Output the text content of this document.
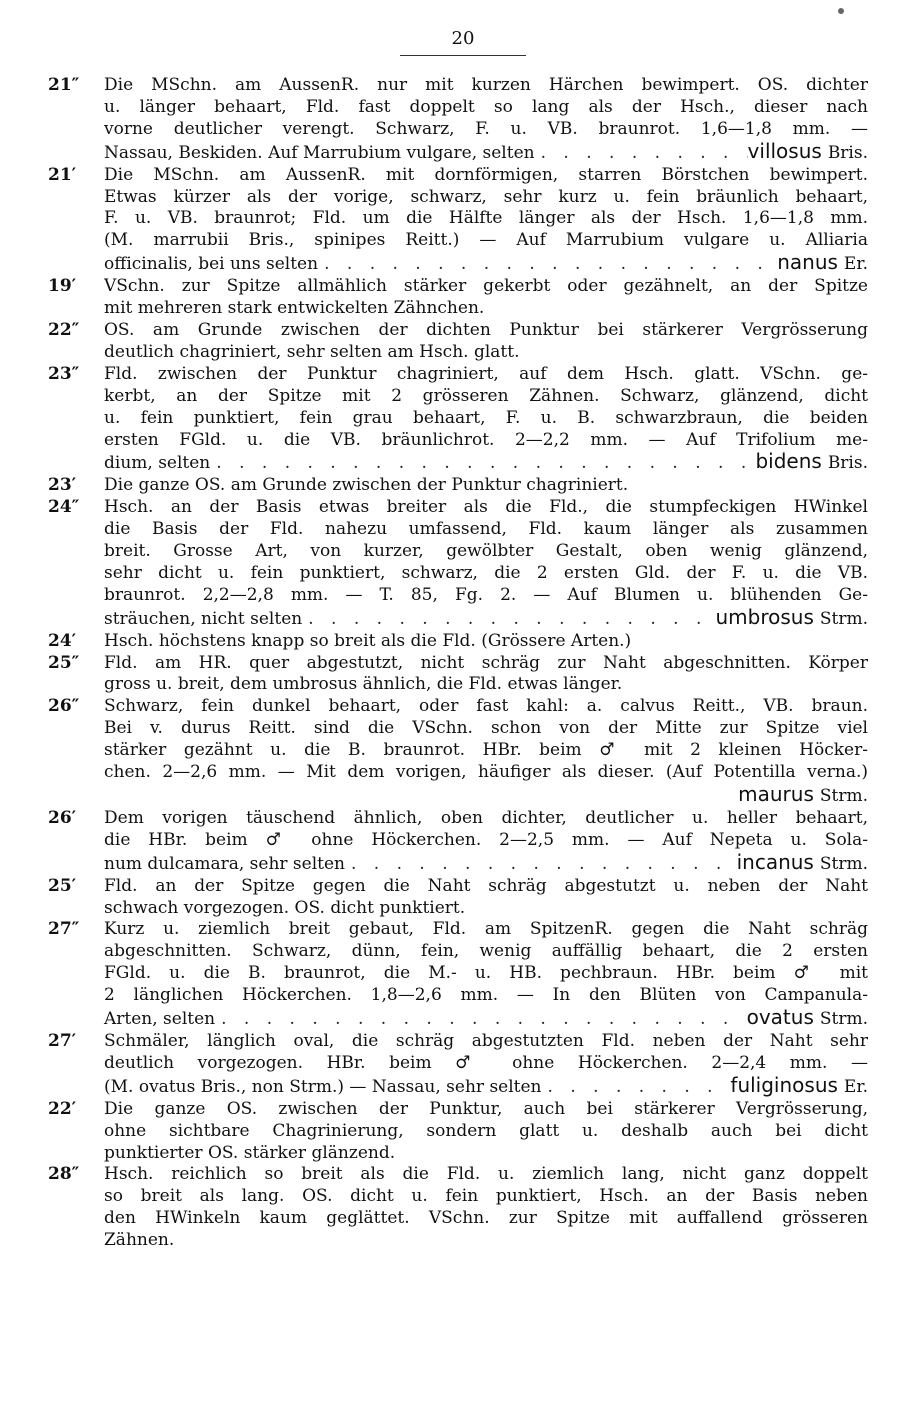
20
21″	Die MSchn. am AussenR. nur mit kurzen Härchen bewimpert. OS. dichter
u. länger behaart, Fld. fast doppelt so lang als der Hsch., dieser nach
vorne deutlicher verengt. Schwarz, F. u. VB. braunrot. 1,6—1,8 mm. —
Nassau, Beskiden. Auf Marrubium vulgare, selten . . .	villosus Bris.
21′	Die MSchn. am AussenR. mit dornförmigen, starren Börstchen bewimpert.
Etwas kürzer als der vorige, schwarz, sehr kurz u. fein bräunlich behaart,
F. u. VB. braunrot; Fld. um die Hälfte länger als der Hsch. 1,6—1,8 mm.
(M. marrubii Bris., spinipes Reitt.) — Auf Marrubium vulgare u. Alliaria
officinalis, bei uns selten . . .	nanus Er.
19′	VSchn. zur Spitze allmählich stärker gekerbt oder gezähnelt, an der Spitze
mit mehreren stark entwickelten Zähnchen.
22″	OS. am Grunde zwischen der dichten Punktur bei stärkerer Vergrösserung
deutlich chagriniert, sehr selten am Hsch. glatt.
23″	Fld. zwischen der Punktur chagriniert, auf dem Hsch. glatt. VSchn. ge-
kerbt, an der Spitze mit 2 grösseren Zähnen. Schwarz, glänzend, dicht
u. fein punktiert, fein grau behaart, F. u. B. schwarzbraun, die beiden
ersten FGld. u. die VB. bräunlichrot. 2—2,2 mm. — Auf Trifolium me-
dium, selten . . .	bidens Bris.
23′	Die ganze OS. am Grunde zwischen der Punktur chagriniert.
24″	Hsch. an der Basis etwas breiter als die Fld., die stumpfeckigen HWinkel
die Basis der Fld. nahezu umfassend, Fld. kaum länger als zusammen
breit. Grosse Art, von kurzer, gewölbter Gestalt, oben wenig glänzend,
sehr dicht u. fein punktiert, schwarz, die 2 ersten Gld. der F. u. die VB.
braunrot. 2,2—2,8 mm. — T. 85, Fg. 2. — Auf Blumen u. blühenden Ge-
sträuchen, nicht selten . . .	umbrosus Strm.
24′	Hsch. höchstens knapp so breit als die Fld. (Grössere Arten.)
25″	Fld. am HR. quer abgestutzt, nicht schräg zur Naht abgeschnitten. Körper
gross u. breit, dem umbrosus ähnlich, die Fld. etwas länger.
26″	Schwarz, fein dunkel behaart, oder fast kahl: a. calvus Reitt., VB. braun.
Bei v. durus Reitt. sind die VSchn. schon von der Mitte zur Spitze viel
stärker gezähnt u. die B. braunrot. HBr. beim ♂ mit 2 kleinen Höcker-
chen. 2—2,6 mm. — Mit dem vorigen, häufiger als dieser. (Auf Potentilla verna.)
maurus Strm.
26′	Dem vorigen täuschend ähnlich, oben dichter, deutlicher u. heller behaart,
die HBr. beim ♂ ohne Höckerchen. 2—2,5 mm. — Auf Nepeta u. Sola-
num dulcamara, sehr selten . . .	incanus Strm.
25′	Fld. an der Spitze gegen die Naht schräg abgestutzt u. neben der Naht
schwach vorgezogen. OS. dicht punktiert.
27″	Kurz u. ziemlich breit gebaut, Fld. am SpitzenR. gegen die Naht schräg
abgeschnitten. Schwarz, dünn, fein, wenig auffällig behaart, die 2 ersten
FGld. u. die B. braunrot, die M.- u. HB. pechbraun. HBr. beim ♂ mit
2 länglichen Höckerchen. 1,8—2,6 mm. — In den Blüten von Campanula-
Arten, selten . . .	ovatus Strm.
27′	Schmäler, länglich oval, die schräg abgestutzten Fld. neben der Naht sehr
deutlich vorgezogen. HBr. beim ♂ ohne Höckerchen. 2—2,4 mm. —
(M. ovatus Bris., non Strm.) — Nassau, sehr selten . . .	fuliginosus Er.
22′	Die ganze OS. zwischen der Punktur, auch bei stärkerer Vergrösserung,
ohne sichtbare Chagrinierung, sondern glatt u. deshalb auch bei dicht
punktierter OS. stärker glänzend.
28″	Hsch. reichlich so breit als die Fld. u. ziemlich lang, nicht ganz doppelt
so breit als lang. OS. dicht u. fein punktiert, Hsch. an der Basis neben
den HWinkeln kaum geglättet. VSchn. zur Spitze mit auffallend grösseren
Zähnen.
